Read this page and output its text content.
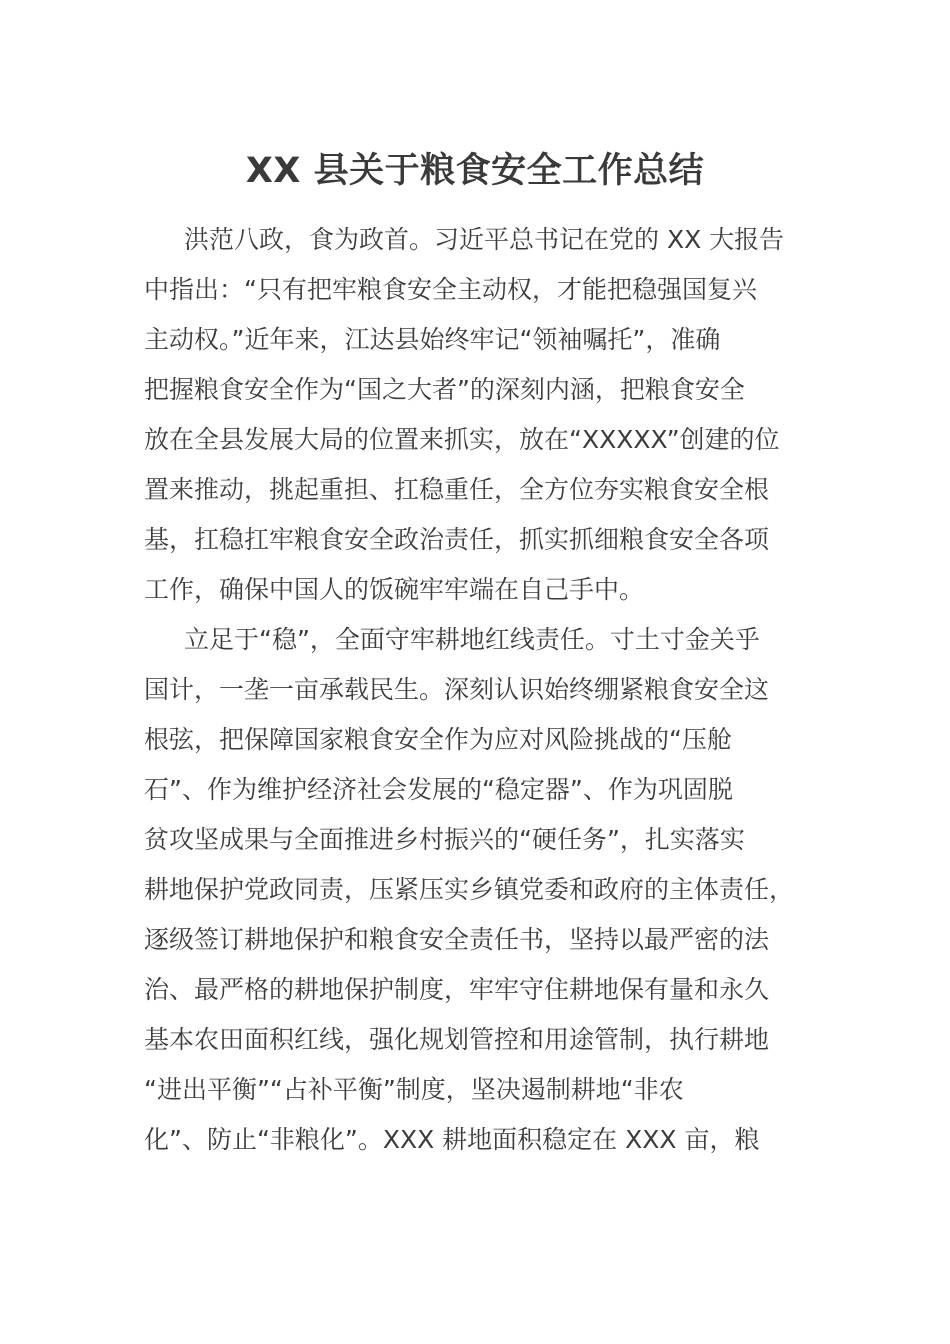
XX 县关于粮食安全工作总结

洪范八政，食为政首。习近平总书记在党的 XX 大报告

中指出：“只有把牢粮食安全主动权，才能把稳强国复兴

主动权。”近年来，江达县始终牢记“领袖嘱托”，准确

把握粮食安全作为“国之大者”的深刻内涵，把粮食安全

放在全县发展大局的位置来抓实，放在“XXXXX”创建的位

置来推动，挑起重担、扛稳重任，全方位夯实粮食安全根

基，扛稳扛牢粮食安全政治责任，抓实抓细粮食安全各项

工作，确保中国人的饭碗牢牢端在自己手中。

立足于“稳”，全面守牢耕地红线责任。寸土寸金关乎

国计，一垄一亩承载民生。深刻认识始终绷紧粮食安全这

根弦，把保障国家粮食安全作为应对风险挑战的“压舱

石”、作为维护经济社会发展的“稳定器”、作为巩固脱

贫攻坚成果与全面推进乡村振兴的“硬任务”，扎实落实

耕地保护党政同责，压紧压实乡镇党委和政府的主体责任，

逐级签订耕地保护和粮食安全责任书，坚持以最严密的法

治、最严格的耕地保护制度，牢牢守住耕地保有量和永久

基本农田面积红线，强化规划管控和用途管制，执行耕地

“进出平衡”“占补平衡”制度，坚决遏制耕地“非农

化”、防止“非粮化”。XXX 耕地面积稳定在 XXX 亩，粮
